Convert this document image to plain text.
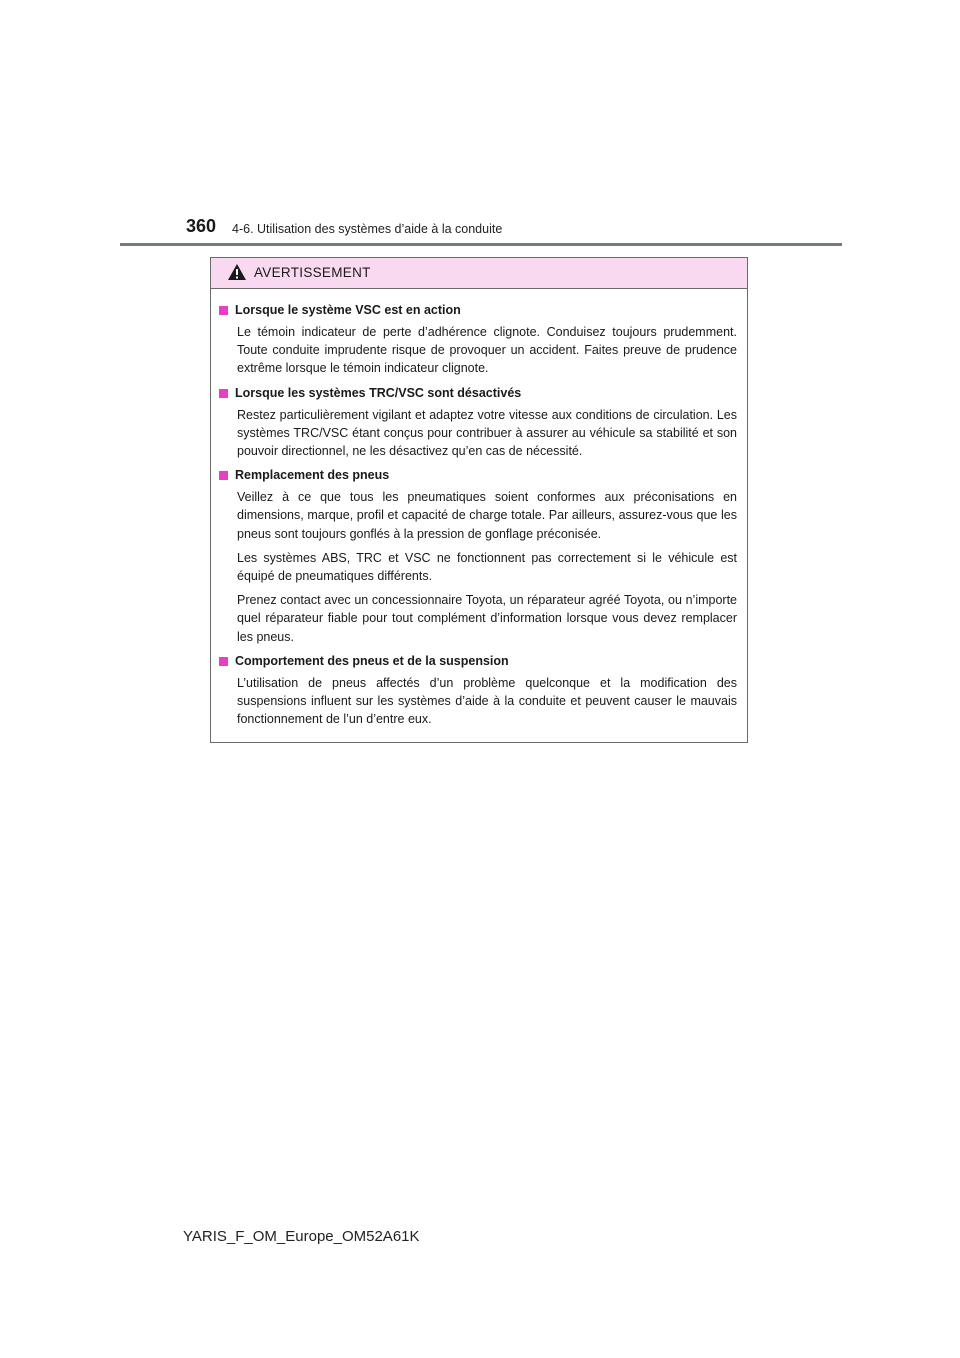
360 4-6. Utilisation des systèmes d’aide à la conduite
AVERTISSEMENT
Lorsque le système VSC est en action

Le témoin indicateur de perte d’adhérence clignote. Conduisez toujours prudemment. Toute conduite imprudente risque de provoquer un accident. Faites preuve de prudence extrême lorsque le témoin indicateur clignote.

Lorsque les systèmes TRC/VSC sont désactivés

Restez particulièrement vigilant et adaptez votre vitesse aux conditions de circulation. Les systèmes TRC/VSC étant conçus pour contribuer à assurer au véhicule sa stabilité et son pouvoir directionnel, ne les désactivez qu’en cas de nécessité.

Remplacement des pneus

Veillez à ce que tous les pneumatiques soient conformes aux préconisations en dimensions, marque, profil et capacité de charge totale. Par ailleurs, assurez-vous que les pneus sont toujours gonflés à la pression de gonflage préconisée.

Les systèmes ABS, TRC et VSC ne fonctionnent pas correctement si le véhicule est équipé de pneumatiques différents.

Prenez contact avec un concessionnaire Toyota, un réparateur agréé Toyota, ou n’importe quel réparateur fiable pour tout complément d’information lorsque vous devez remplacer les pneus.

Comportement des pneus et de la suspension

L’utilisation de pneus affectés d’un problème quelconque et la modification des suspensions influent sur les systèmes d’aide à la conduite et peuvent causer le mauvais fonctionnement de l’un d’entre eux.

YARIS_F_OM_Europe_OM52A61K
